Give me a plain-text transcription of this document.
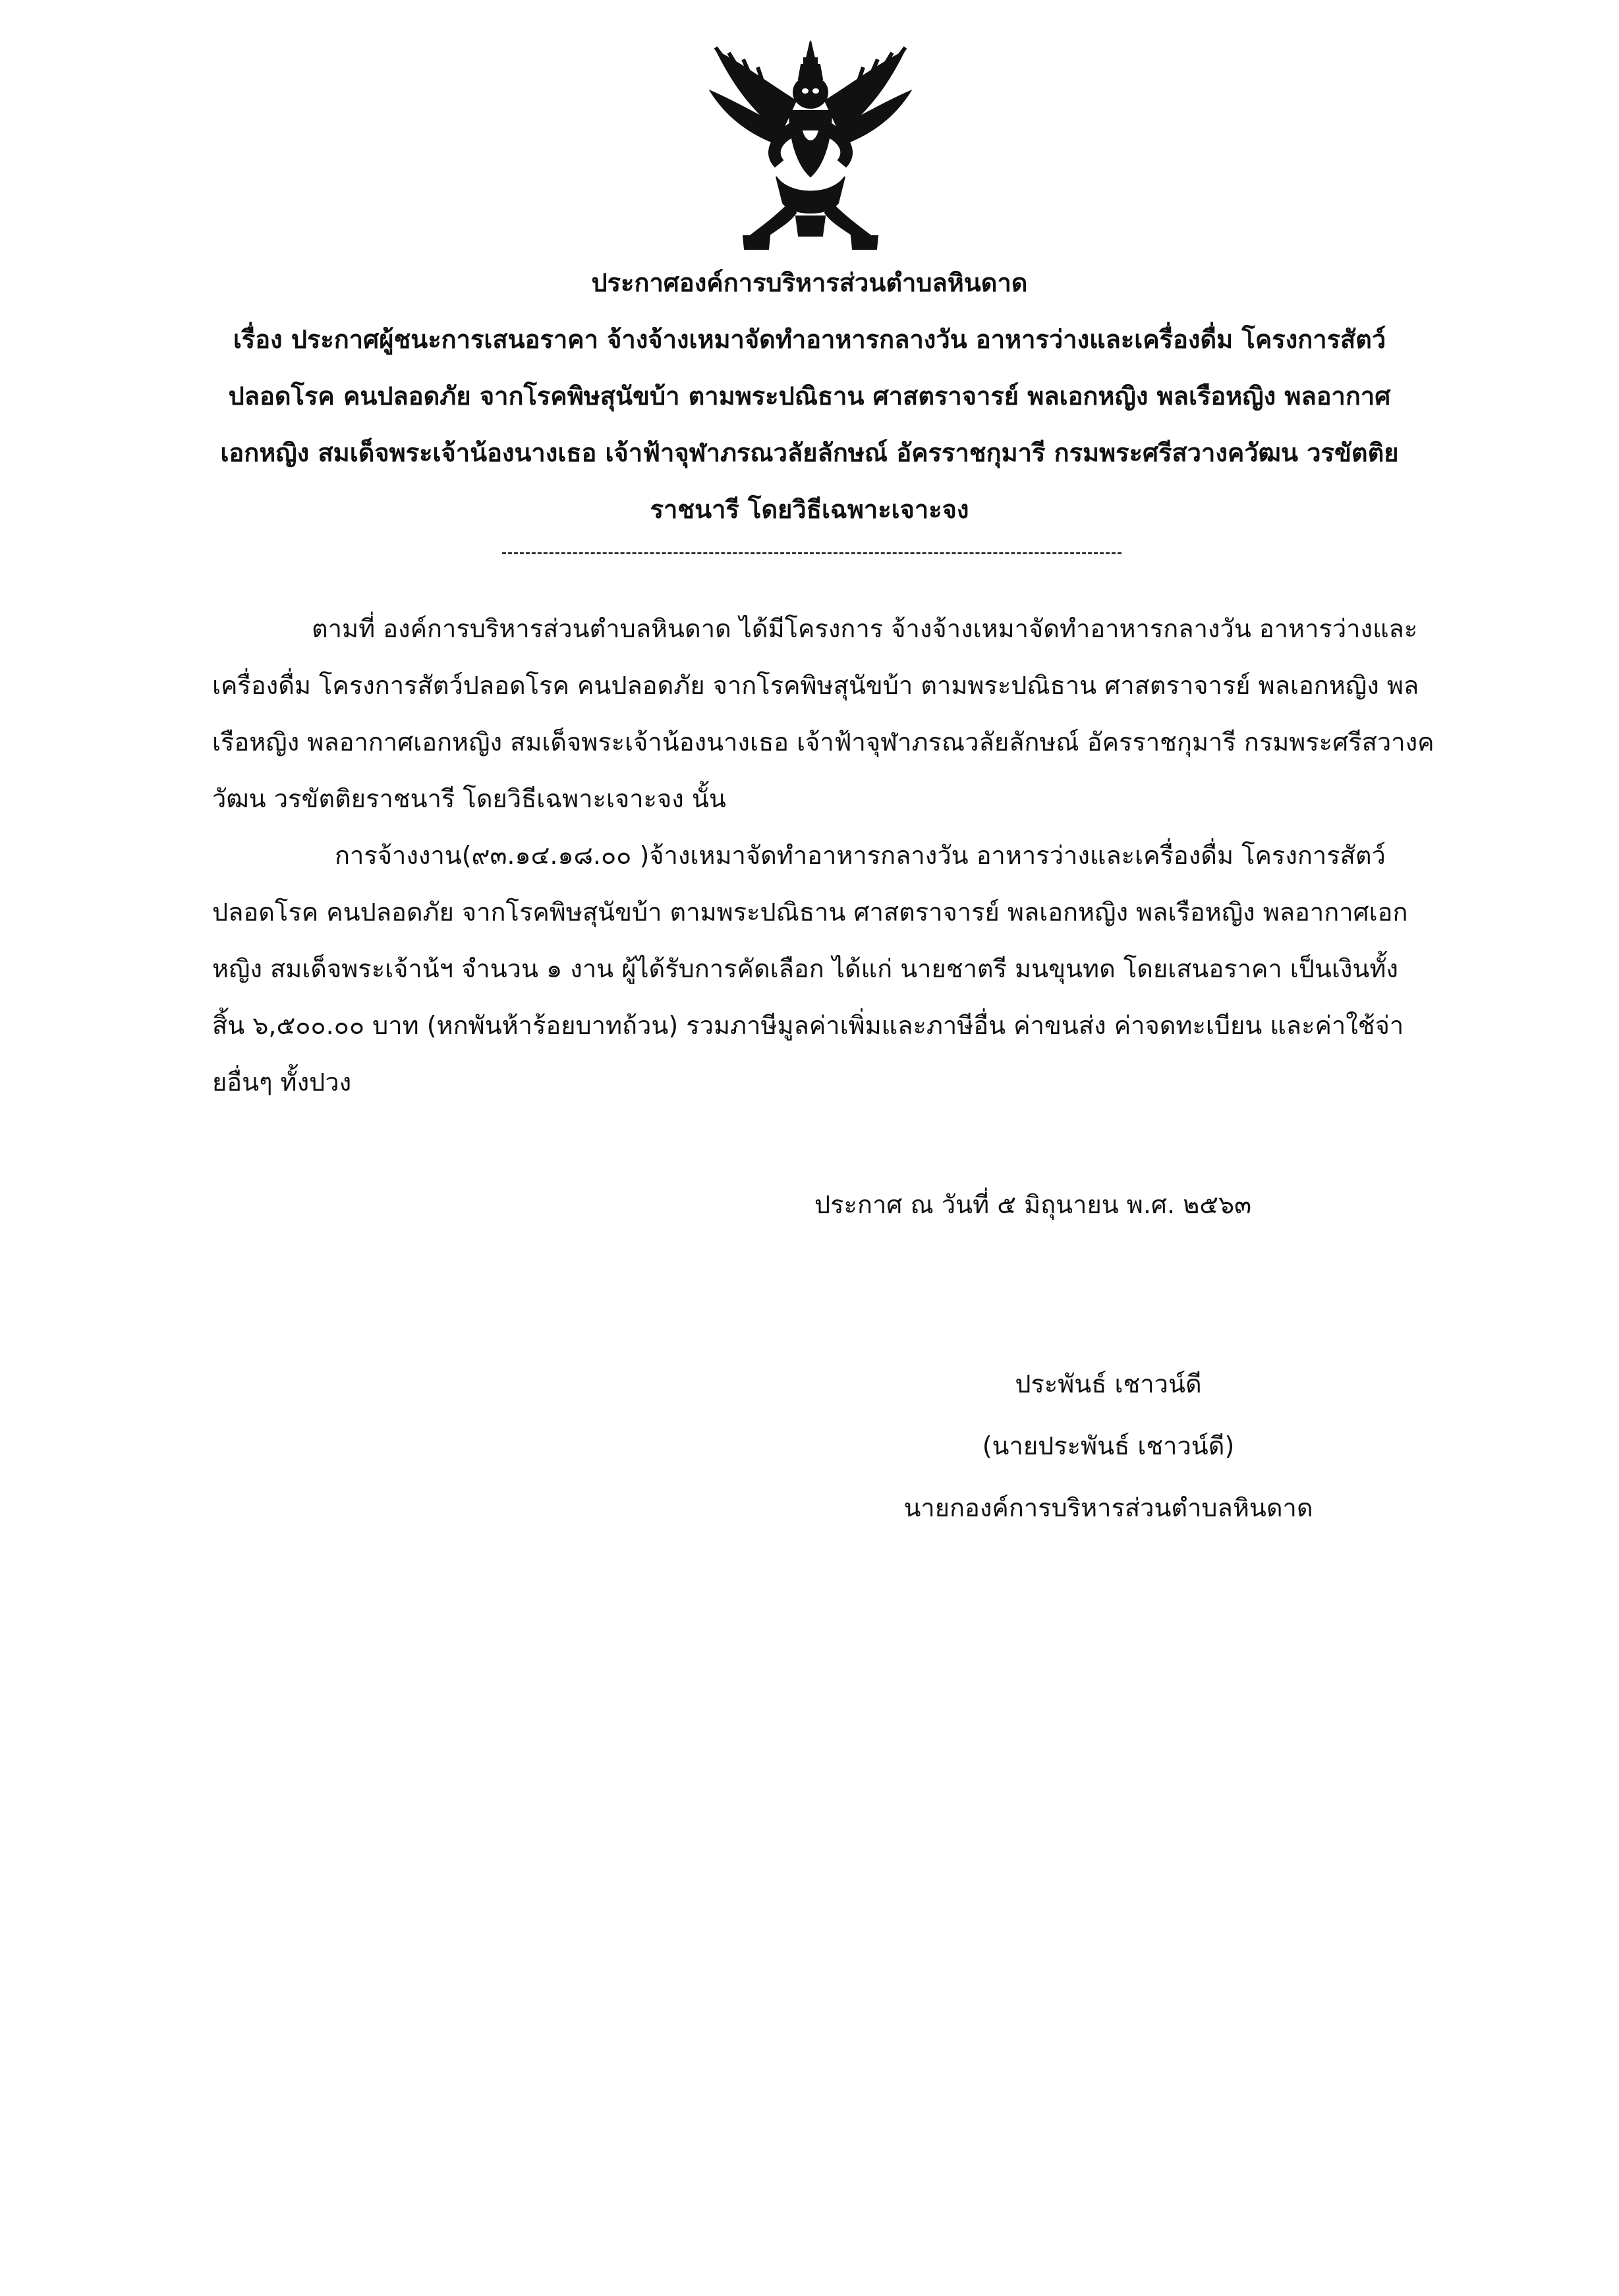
ประกาศองค์การบริหารส่วนตำบลหินดาด
เรื่อง ประกาศผู้ชนะการเสนอราคา จ้างจ้างเหมาจัดทำอาหารกลางวัน อาหารว่างและเครื่องดื่ม โครงการสัตว์
ปลอดโรค คนปลอดภัย จากโรคพิษสุนัขบ้า ตามพระปณิธาน ศาสตราจารย์ พลเอกหญิง พลเรือหญิง พลอากาศ
เอกหญิง สมเด็จพระเจ้าน้องนางเธอ เจ้าฟ้าจุฬาภรณวลัยลักษณ์ อัครราชกุมารี กรมพระศรีสวางควัฒน วรขัตติย
ราชนารี โดยวิธีเฉพาะเจาะจง
ตามที่ องค์การบริหารส่วนตำบลหินดาด ได้มีโครงการ จ้างจ้างเหมาจัดทำอาหารกลางวัน อาหารว่างและ
เครื่องดื่ม โครงการสัตว์ปลอดโรค คนปลอดภัย จากโรคพิษสุนัขบ้า ตามพระปณิธาน ศาสตราจารย์ พลเอกหญิง พล
เรือหญิง พลอากาศเอกหญิง สมเด็จพระเจ้าน้องนางเธอ เจ้าฟ้าจุฬาภรณวลัยลักษณ์ อัครราชกุมารี กรมพระศรีสวางค
วัฒน วรขัตติยราชนารี โดยวิธีเฉพาะเจาะจง นั้น
การจ้างงาน(๙๓.๑๔.๑๘.๐๐ )จ้างเหมาจัดทำอาหารกลางวัน อาหารว่างและเครื่องดื่ม โครงการสัตว์
ปลอดโรค คนปลอดภัย จากโรคพิษสุนัขบ้า ตามพระปณิธาน ศาสตราจารย์ พลเอกหญิง พลเรือหญิง พลอากาศเอก
หญิง สมเด็จพระเจ้าน้ฯ จำนวน ๑ งาน ผู้ได้รับการคัดเลือก ได้แก่ นายชาตรี มนขุนทด โดยเสนอราคา เป็นเงินทั้ง
สิ้น ๖,๕๐๐.๐๐ บาท (หกพันห้าร้อยบาทถ้วน) รวมภาษีมูลค่าเพิ่มและภาษีอื่น ค่าขนส่ง ค่าจดทะเบียน และค่าใช้จ่า
ยอื่นๆ ทั้งปวง
ประกาศ ณ วันที่ ๕ มิถุนายน พ.ศ. ๒๕๖๓
ประพันธ์ เชาวน์ดี
(นายประพันธ์ เชาวน์ดี)
นายกองค์การบริหารส่วนตำบลหินดาด
